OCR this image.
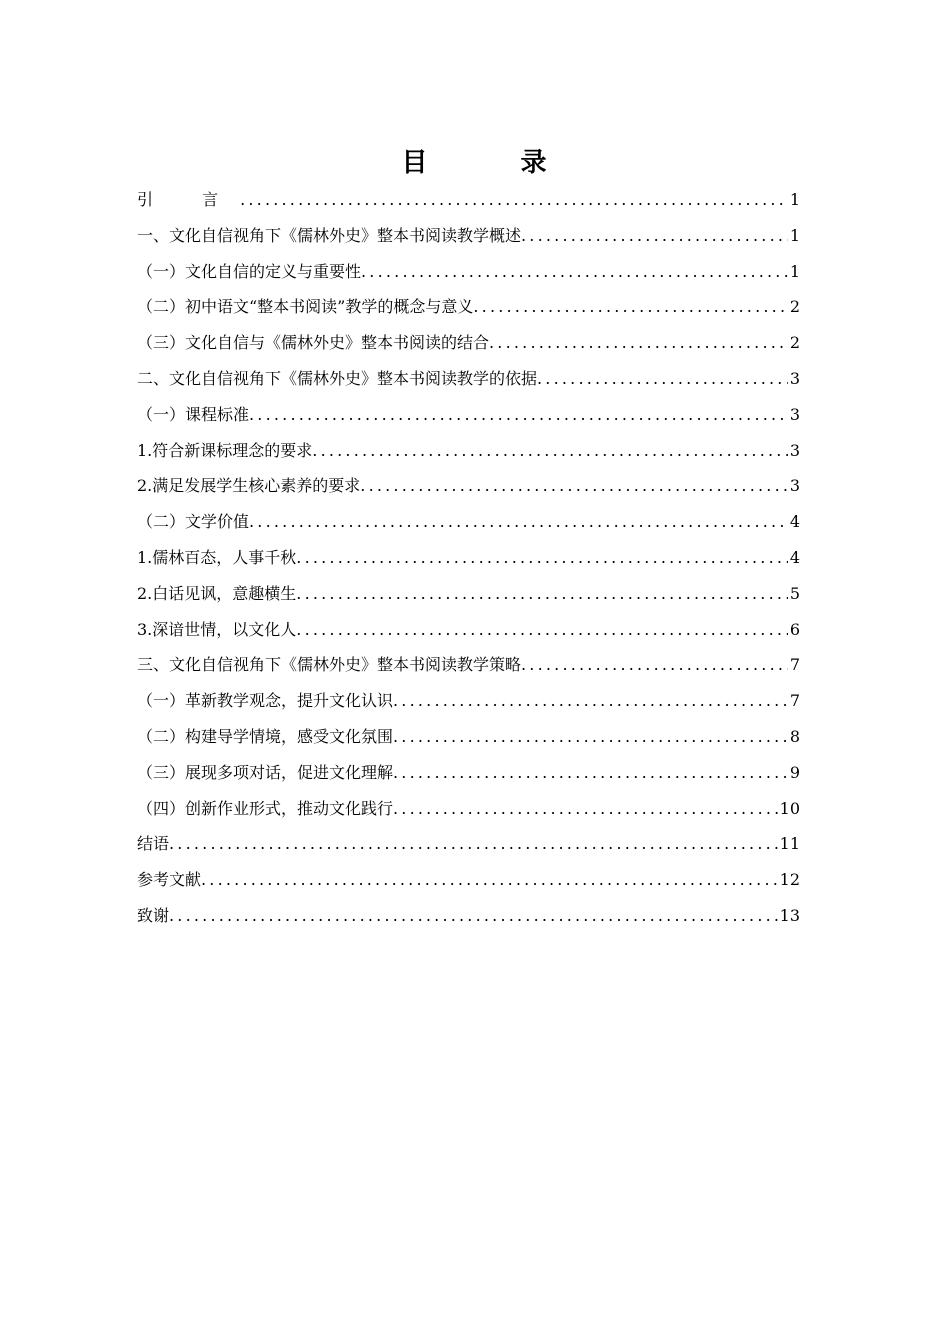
目 录
引 言 .....	1
一、文化自信视角下《儒林外史》整本书阅读教学概述 .....	1
（一）文化自信的定义与重要性 .....	1
（二）初中语文“整本书阅读”教学的概念与意义 .....	2
（三）文化自信与《儒林外史》整本书阅读的结合 .....	2
二、文化自信视角下《儒林外史》整本书阅读教学的依据 .....	3
（一）课程标准 .....	3
1.符合新课标理念的要求 .....	3
2.满足发展学生核心素养的要求 .....	3
（二）文学价值 .....	4
1.儒林百态，人事千秋 .....	4
2.白话见讽，意趣横生 .....	5
3.深谙世情，以文化人 .....	6
三、文化自信视角下《儒林外史》整本书阅读教学策略 .....	7
（一）革新教学观念，提升文化认识 .....	7
（二）构建导学情境，感受文化氛围 .....	8
（三）展现多项对话，促进文化理解 .....	9
（四）创新作业形式，推动文化践行 .....	10
结语 .....	11
参考文献 .....	12
致谢 .....	13
